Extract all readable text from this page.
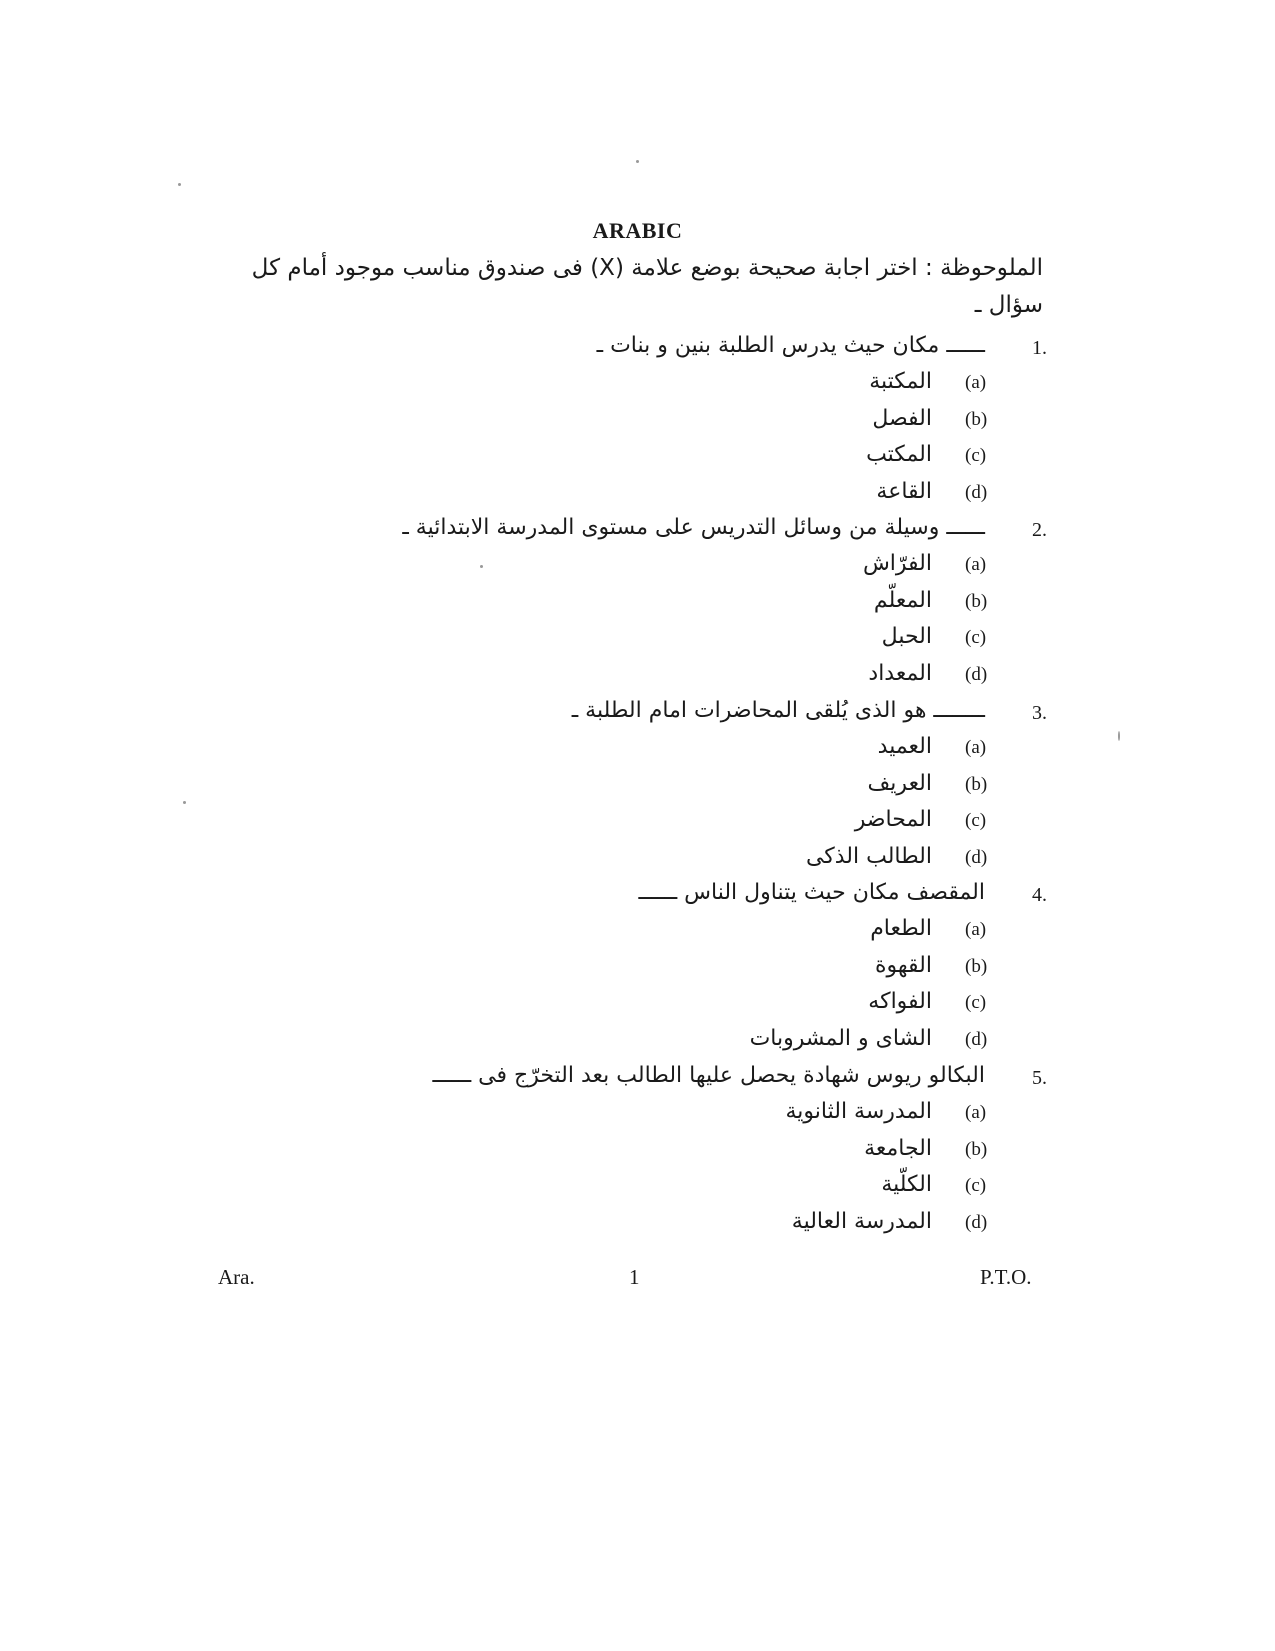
ARABIC
الملوحوظة : اختر اجابة صحيحة بوضع علامة (X) فى صندوق مناسب موجود أمام كل سؤال ـ
1.
ــــــ مكان حيث يدرس الطلبة بنين و بنات ـ
(a)
المكتبة
(b)
الفصل
(c)
المكتب
(d)
القاعة
2.
ــــــ وسيلة من وسائل التدريس على مستوى المدرسة الابتدائية ـ
(a)
الفرّاش
(b)
المعلّم
(c)
الحبل
(d)
المعداد
3.
ــــــــ هو الذى يُلقى المحاضرات امام الطلبة ـ
(a)
العميد
(b)
العريف
(c)
المحاضر
(d)
الطالب الذكى
4.
المقصف مكان حيث يتناول الناس ــــــ
(a)
الطعام
(b)
القهوة
(c)
الفواكه
(d)
الشاى و المشروبات
5.
البكالو ريوس شهادة يحصل عليها الطالب بعد التخرّج فى ــــــ
(a)
المدرسة الثانوية
(b)
الجامعة
(c)
الكلّية
(d)
المدرسة العالية
Ara.	1	P.T.O.
